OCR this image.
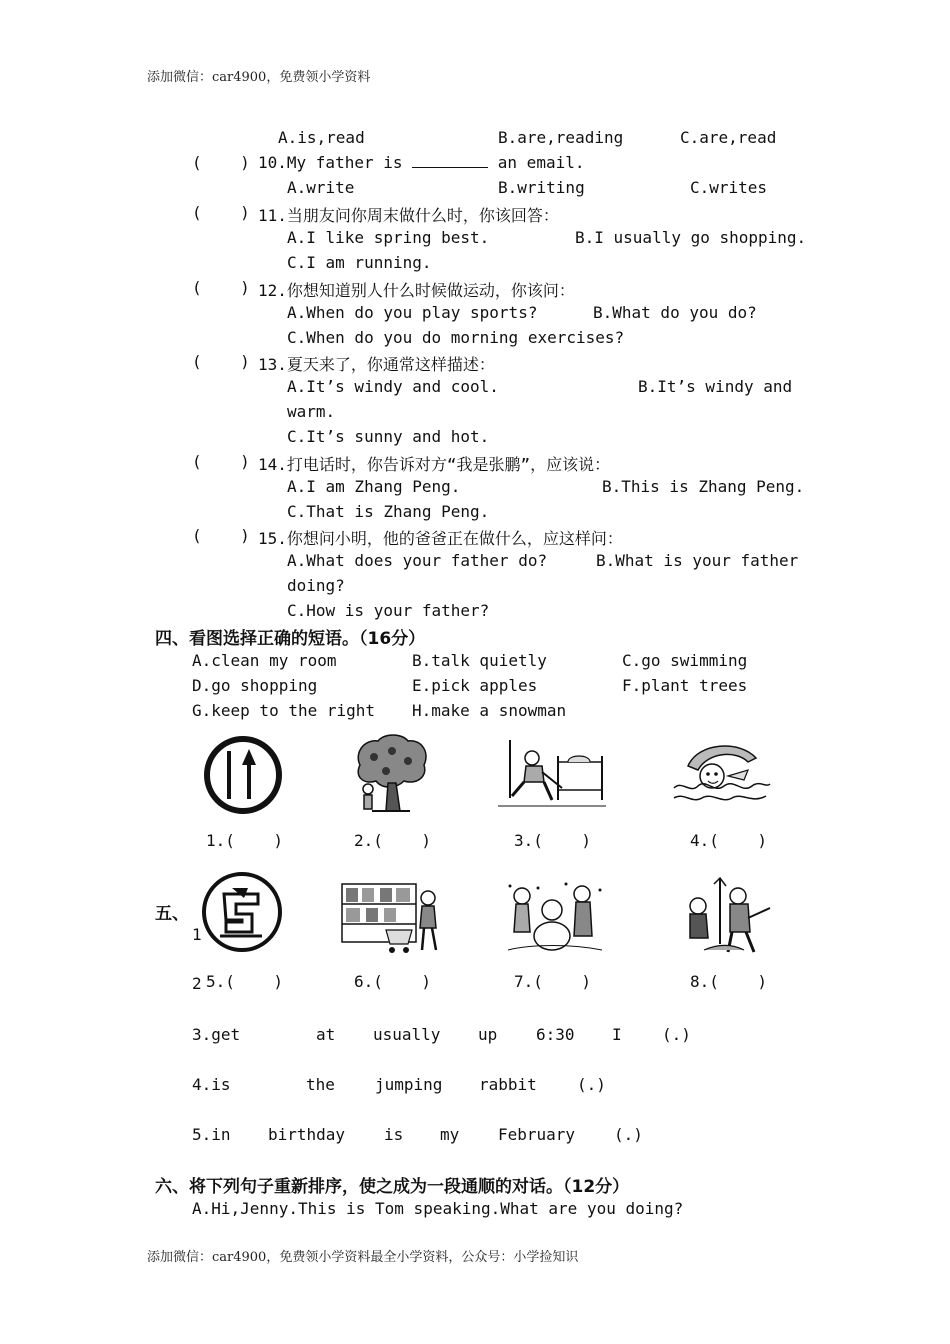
添加微信：car4900，免费领小学资料
添加微信：car4900，免费领小学资料最全小学资料，公众号：小学捡知识
A.is,read	B.are,reading	C.are,read
(    ) 10.My father is	an email.
A.write	B.writing	C.writes
(    ) 11.当朋友问你周末做什么时，你该回答：
A.I like spring best.	B.I usually go shopping.
C.I am running.
(    ) 12.你想知道别人什么时候做运动，你该问：
A.When do you play sports?	B.What do you do?
C.When do you do morning exercises?
(    ) 13.夏天来了，你通常这样描述：
A.It’s windy and cool.	B.It’s windy and
warm.
C.It’s sunny and hot.
(    ) 14.打电话时，你告诉对方“我是张鹏”，应该说：
A.I am Zhang Peng.	B.This is Zhang Peng.
C.That is Zhang Peng.
(    ) 15.你想问小明，他的爸爸正在做什么，应这样问：
A.What does your father do?	B.What is your father
doing?
C.How is your father?
四、看图选择正确的短语。（16分）
A.clean my room	B.talk quietly	C.go swimming
D.go shopping	E.pick apples	F.plant trees
G.keep to the right H.make a snowman
1.(    )	2.(    )	3.(    )	4.(    )
五、
1
2 5.(    )	6.(    )	7.(    )	8.(    )
3.get	at usually up 6:30 I	(.)
4.is	the	jumping rabbit	(.)
5.in birthday is my February (.)
六、将下列句子重新排序，使之成为一段通顺的对话。（12分）
A.Hi,Jenny.This is Tom speaking.What are you doing?
